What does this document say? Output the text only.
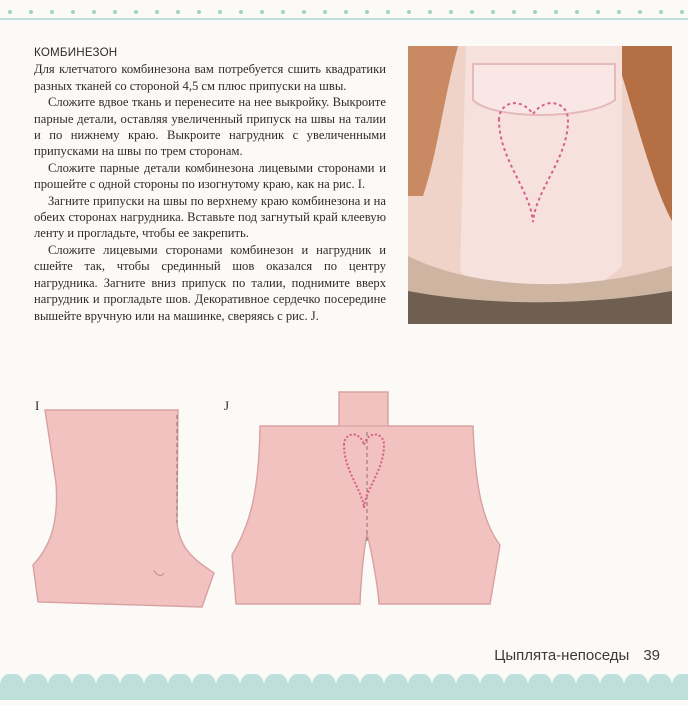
КОМБИНЕЗОН

Для клетчатого комбинезона вам потребуется сшить квадратики разных тканей со стороной 4,5 см плюс припуски на швы.

Сложите вдвое ткань и перенесите на нее выкройку. Выкроите парные детали, оставляя увеличенный припуск на швы на талии и по нижнему краю. Выкроите нагрудник с увеличенными припусками на швы по трем сторонам.

Сложите парные детали комбинезона лицевыми сторонами и прошейте с одной стороны по изогнутому краю, как на рис. I.

Загните припуски на швы по верхнему краю комбинезона и на обеих сторонах нагрудника. Вставьте под загнутый край клеевую ленту и прогладьте, чтобы ее закрепить.

Сложите лицевыми сторонами комбинезон и нагрудник и сшейте так, чтобы срединный шов оказался по центру нагрудника. Загните вниз припуск по талии, поднимите вверх нагрудник и прогладьте шов. Декоративное сердечко посередине вышейте вручную или на машинке, сверяясь с рис. J.

I	J
Цыплята-непоседы 39
